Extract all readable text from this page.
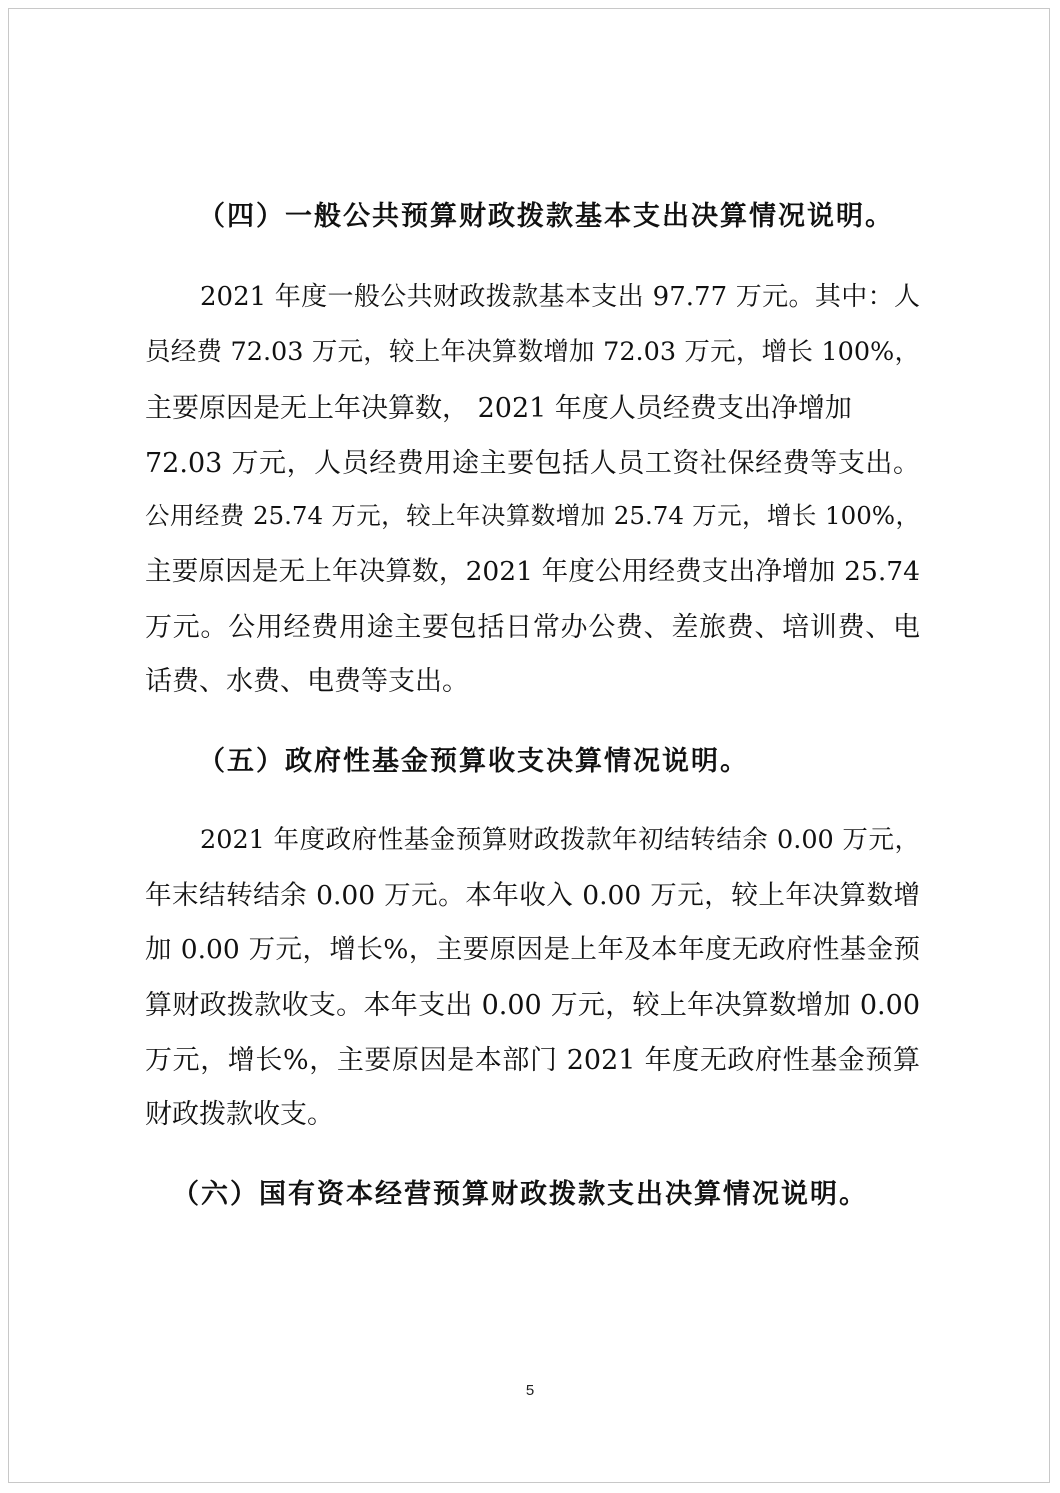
（四）一般公共预算财政拨款基本支出决算情况说明。
2021 年度一般公共财政拨款基本支出 97.77 万元。其中：人
员经费 72.03 万元，较上年决算数增加 72.03 万元，增长 100%，
主要原因是无上年决算数， 2021 年度人员经费支出净增加
72.03 万元，人员经费用途主要包括人员工资社保经费等支出。
公用经费 25.74 万元，较上年决算数增加 25.74 万元，增长 100%，
主要原因是无上年决算数，2021 年度公用经费支出净增加 25.74
万元。公用经费用途主要包括日常办公费、差旅费、培训费、电
话费、水费、电费等支出。
（五）政府性基金预算收支决算情况说明。
2021 年度政府性基金预算财政拨款年初结转结余 0.00 万元，
年末结转结余 0.00 万元。本年收入 0.00 万元，较上年决算数增
加 0.00 万元，增长%，主要原因是上年及本年度无政府性基金预
算财政拨款收支。本年支出 0.00 万元，较上年决算数增加 0.00
万元，增长%，主要原因是本部门 2021 年度无政府性基金预算
财政拨款收支。
（六）国有资本经营预算财政拨款支出决算情况说明。
5
